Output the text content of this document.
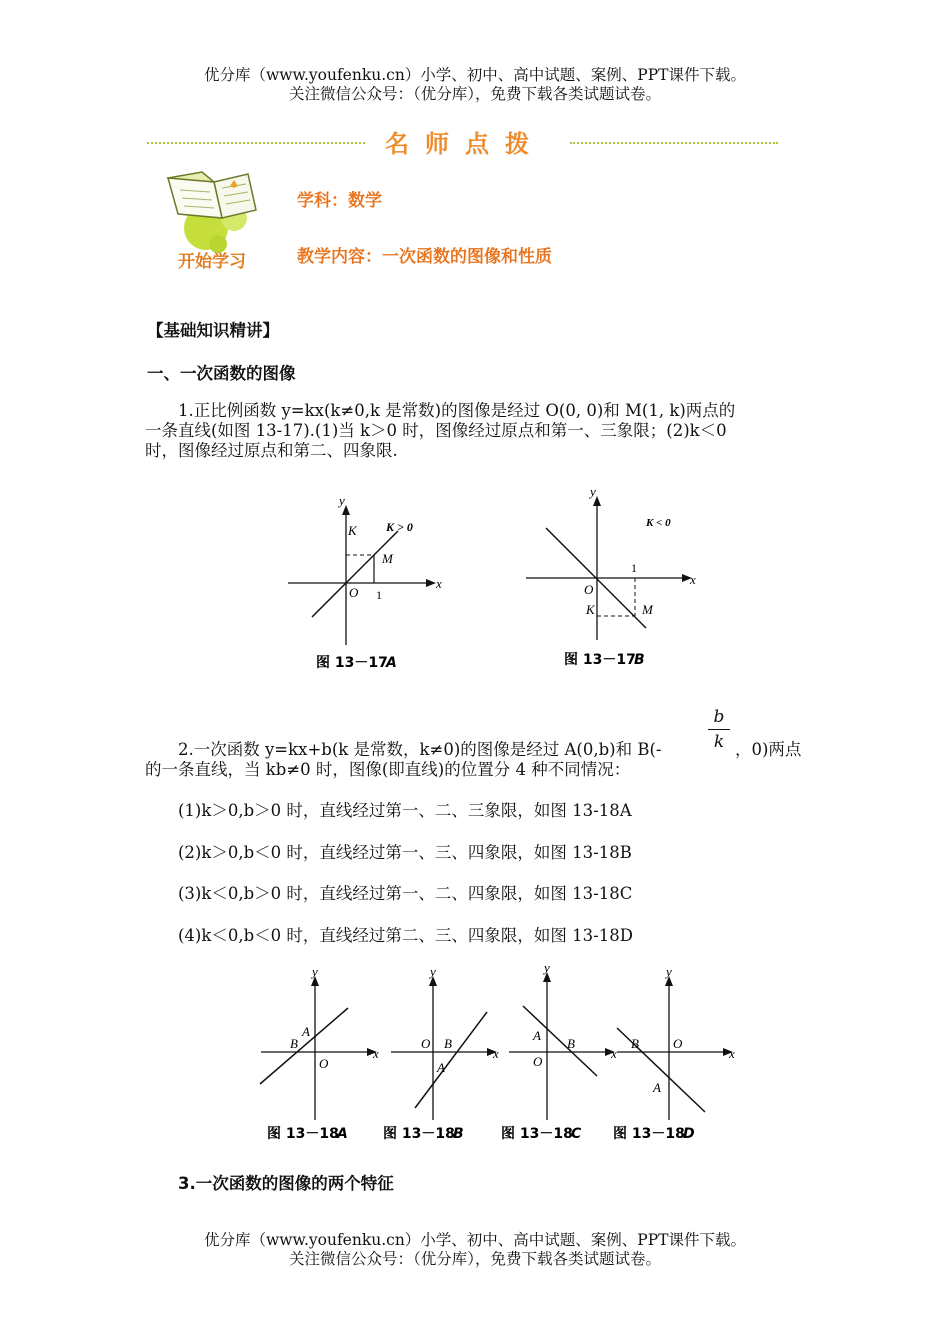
优分库（www.youfenku.cn）小学、初中、高中试题、案例、PPT课件下载。
关注微信公众号：（优分库），免费下载各类试题试卷。
名师点拨
开始学习
学科：数学
教学内容：一次函数的图像和性质
【基础知识精讲】
一、一次函数的图像
1.正比例函数 y=kx(k≠0,k 是常数)的图像是经过 O(0, 0)和 M(1, k)两点的
一条直线(如图 13-17).(1)当 k＞0 时，图像经过原点和第一、三象限；(2)k＜0
时，图像经过原点和第二、四象限.
y
x
O
K
M
1
K > 0
图 13－17
A
y
x
O
K	M
1
K < 0
图 13－17
B
2.一次函数 y=kx+b(k 是常数，k≠0)的图像是经过 A(0,b)和 B(-
b
k ，0)两点
的一条直线，当 kb≠0 时，图像(即直线)的位置分 4 种不同情况：
(1)k＞0,b＞0 时，直线经过第一、二、三象限，如图 13-18A
(2)k＞0,b＜0 时，直线经过第一、三、四象限，如图 13-18B
(3)k＜0,b＞0 时，直线经过第一、二、四象限，如图 13-18C
(4)k＜0,b＜0 时，直线经过第二、三、四象限，如图 13-18D
y
x
O
A
B
图 13－18
A
y
x
O
A
B
图 13－18
B
y
x
O
A
B
图 13－18
C
y
x
O
A
B
图 13－18
D
3.一次函数的图像的两个特征
优分库（www.youfenku.cn）小学、初中、高中试题、案例、PPT课件下载。
关注微信公众号：（优分库），免费下载各类试题试卷。
